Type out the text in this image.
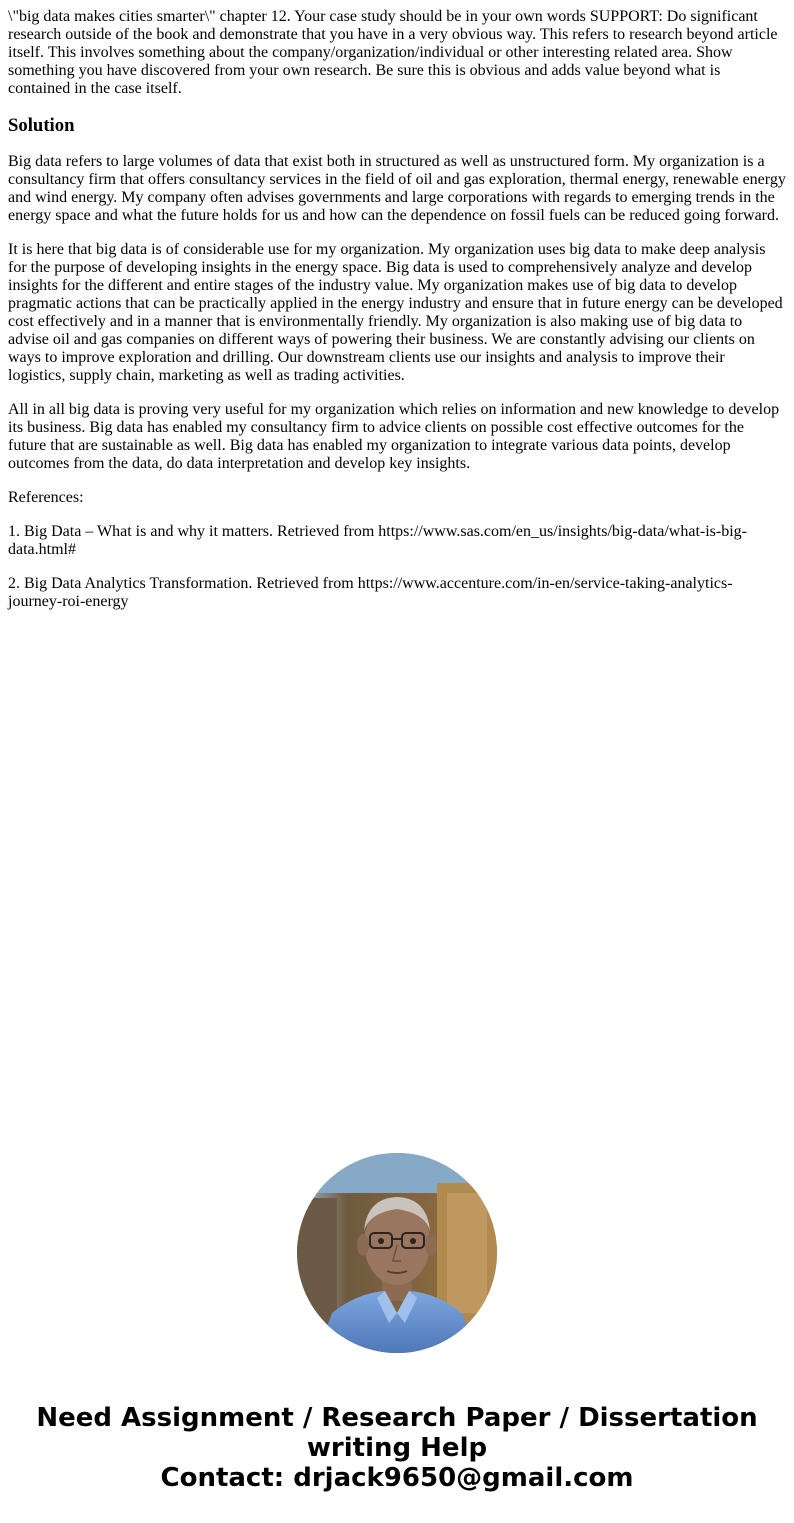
\"big data makes cities smarter\" chapter 12. Your case study should be in your own words SUPPORT: Do significant research outside of the book and demonstrate that you have in a very obvious way. This refers to research beyond article itself. This involves something about the company/organization/individual or other interesting related area. Show something you have discovered from your own research. Be sure this is obvious and adds value beyond what is contained in the case itself.

Solution

Big data refers to large volumes of data that exist both in structured as well as unstructured form. My organization is a consultancy firm that offers consultancy services in the field of oil and gas exploration, thermal energy, renewable energy and wind energy. My company often advises governments and large corporations with regards to emerging trends in the energy space and what the future holds for us and how can the dependence on fossil fuels can be reduced going forward.

It is here that big data is of considerable use for my organization. My organization uses big data to make deep analysis for the purpose of developing insights in the energy space. Big data is used to comprehensively analyze and develop insights for the different and entire stages of the industry value. My organization makes use of big data to develop pragmatic actions that can be practically applied in the energy industry and ensure that in future energy can be developed cost effectively and in a manner that is environmentally friendly. My organization is also making use of big data to advise oil and gas companies on different ways of powering their business. We are constantly advising our clients on ways to improve exploration and drilling. Our downstream clients use our insights and analysis to improve their logistics, supply chain, marketing as well as trading activities.

All in all big data is proving very useful for my organization which relies on information and new knowledge to develop its business. Big data has enabled my consultancy firm to advice clients on possible cost effective outcomes for the future that are sustainable as well. Big data has enabled my organization to integrate various data points, develop outcomes from the data, do data interpretation and develop key insights.

References:

1. Big Data – What is and why it matters. Retrieved from https://www.sas.com/en_us/insights/big-data/what-is-big-data.html#

2. Big Data Analytics Transformation. Retrieved from https://www.accenture.com/in-en/service-taking-analytics-journey-roi-energy

Need Assignment / Research Paper / Dissertation
writing Help
Contact: drjack9650@gmail.com
